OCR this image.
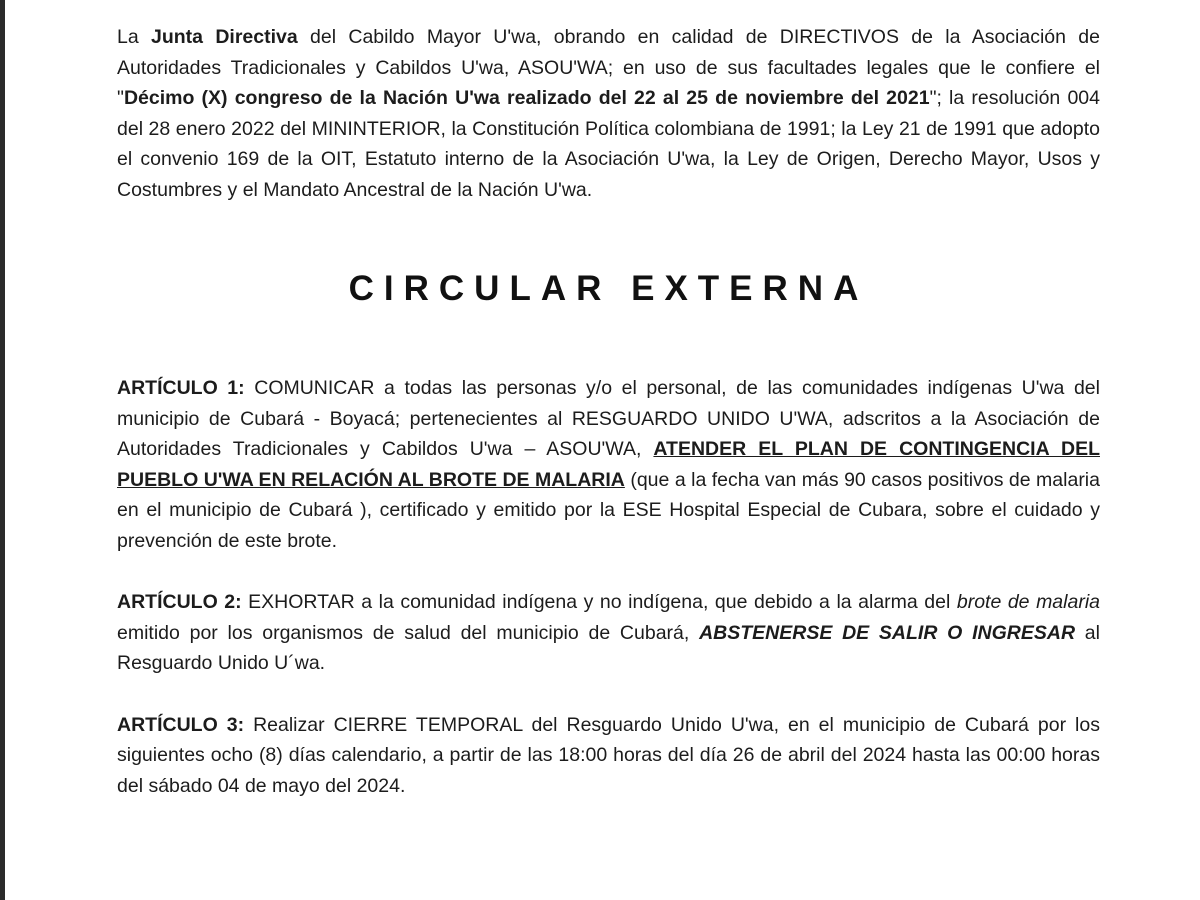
La Junta Directiva del Cabildo Mayor U'wa, obrando en calidad de DIRECTIVOS de la Asociación de Autoridades Tradicionales y Cabildos U'wa, ASOU'WA; en uso de sus facultades legales que le confiere el "Décimo (X) congreso de la Nación U'wa realizado del 22 al 25 de noviembre del 2021"; la resolución 004 del 28 enero 2022 del MININTERIOR, la Constitución Política colombiana de 1991; la Ley 21 de 1991 que adopto el convenio 169 de la OIT, Estatuto interno de la Asociación U'wa, la Ley de Origen, Derecho Mayor, Usos y Costumbres y el Mandato Ancestral de la Nación U'wa.

CIRCULAR EXTERNA

ARTÍCULO 1: COMUNICAR a todas las personas y/o el personal, de las comunidades indígenas U'wa del municipio de Cubará - Boyacá; pertenecientes al RESGUARDO UNIDO U'WA, adscritos a la Asociación de Autoridades Tradicionales y Cabildos U'wa – ASOU'WA, ATENDER EL PLAN DE CONTINGENCIA DEL PUEBLO U'WA EN RELACIÓN AL BROTE DE MALARIA (que a la fecha van más 90 casos positivos de malaria en el municipio de Cubará ), certificado y emitido por la ESE Hospital Especial de Cubara, sobre el cuidado y prevención de este brote.

ARTÍCULO 2: EXHORTAR a la comunidad indígena y no indígena, que debido a la alarma del brote de malaria emitido por los organismos de salud del municipio de Cubará, ABSTENERSE DE SALIR O INGRESAR al Resguardo Unido U´wa.

ARTÍCULO 3: Realizar CIERRE TEMPORAL del Resguardo Unido U'wa, en el municipio de Cubará por los siguientes ocho (8) días calendario, a partir de las 18:00 horas del día 26 de abril del 2024 hasta las 00:00 horas del sábado 04 de mayo del 2024.
